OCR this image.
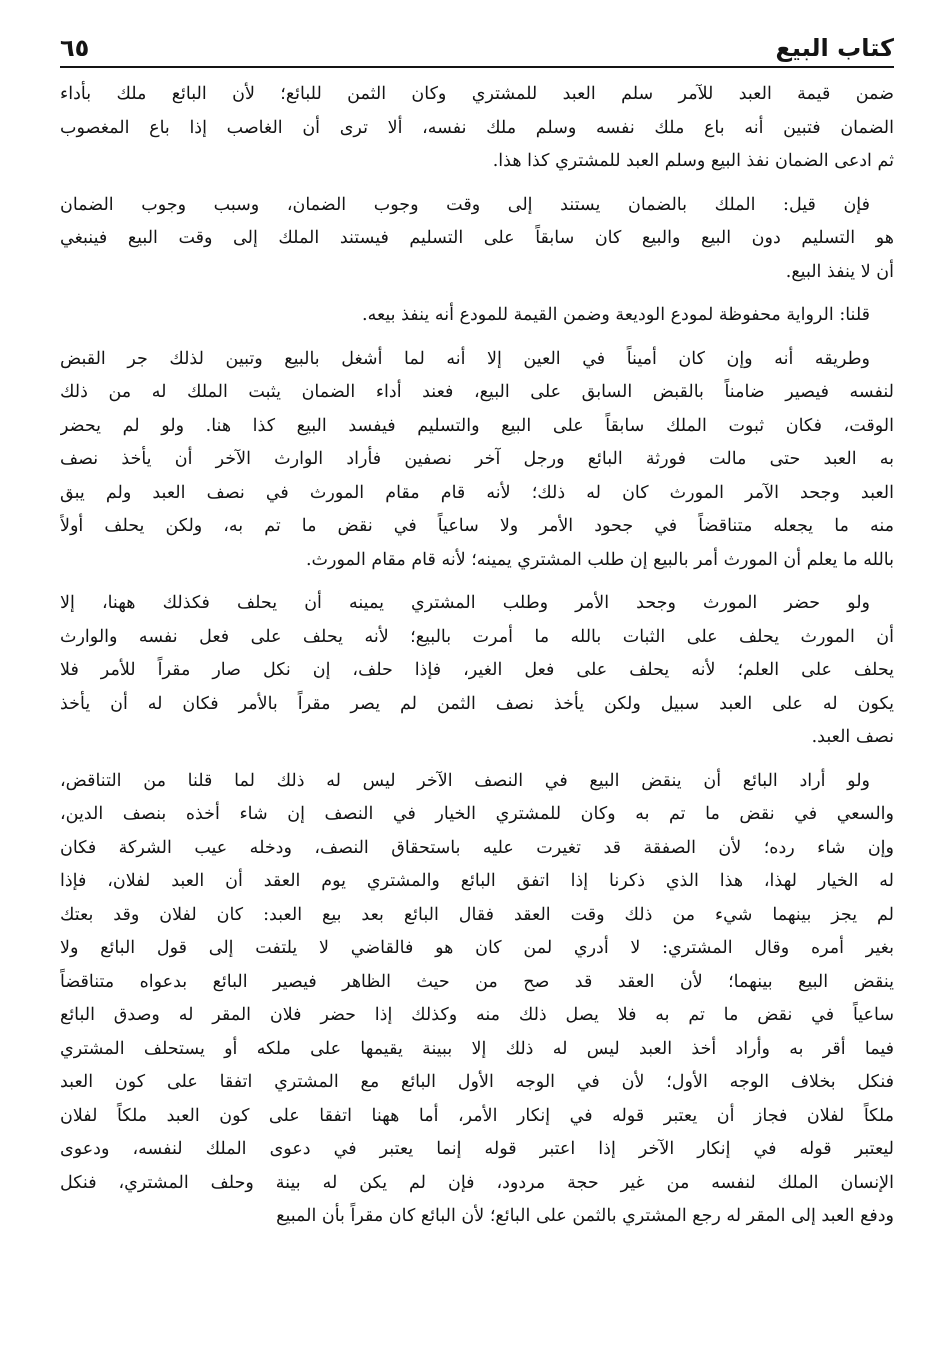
كتاب البيع
٦٥
ضمن قيمة العبد للآمر سلم العبد للمشتري وكان الثمن للبائع؛ لأن البائع ملك بأداء
الضمان فتبين أنه باع ملك نفسه وسلم ملك نفسه، ألا ترى أن الغاصب إذا باع المغصوب
ثم ادعى الضمان نفذ البيع وسلم العبد للمشتري كذا هذا.
فإن قيل: الملك بالضمان يستند إلى وقت وجوب الضمان، وسبب وجوب الضمان
هو التسليم دون البيع والبيع كان سابقاً على التسليم فيستند الملك إلى وقت البيع فينبغي
أن لا ينفذ البيع.
قلنا: الرواية محفوظة لمودع الوديعة وضمن القيمة للمودع أنه ينفذ بيعه.
وطريقه أنه وإن كان أميناً في العين إلا أنه لما أشغل بالبيع وتبين لذلك جر القبض
لنفسه فيصير ضامناً بالقبض السابق على البيع، فعند أداء الضمان يثبت الملك له من ذلك
الوقت، فكان ثبوت الملك سابقاً على البيع والتسليم فيفسد البيع كذا هنا. ولو لم يحضر
به العبد حتى مالت فورثة البائع ورجل آخر نصفين فأراد الوارث الآخر أن يأخذ نصف
العبد وجحد الآمر المورث كان له ذلك؛ لأنه قام مقام المورث في نصف العبد ولم يبق
منه ما يجعله متناقضاً في جحود الأمر ولا ساعياً في نقض ما تم به، ولكن يحلف أولاً
بالله ما يعلم أن المورث أمر بالبيع إن طلب المشتري يمينه؛ لأنه قام مقام المورث.
ولو حضر المورث وجحد الأمر وطلب المشتري يمينه أن يحلف فكذلك ههنا، إلا
أن المورث يحلف على الثبات بالله ما أمرت بالبيع؛ لأنه يحلف على فعل نفسه والوارث
يحلف على العلم؛ لأنه يحلف على فعل الغير، فإذا حلف، إن نكل صار مقراً للأمر فلا
يكون له على العبد سبيل ولكن يأخذ نصف الثمن لم يصر مقراً بالأمر فكان له أن يأخذ
نصف العبد.
ولو أراد البائع أن ينقض البيع في النصف الآخر ليس له ذلك لما قلنا من التناقض،
والسعي في نقض ما تم به وكان للمشتري الخيار في النصف إن شاء أخذه بنصف الدين،
وإن شاء رده؛ لأن الصفقة قد تغيرت عليه باستحقاق النصف، ودخله عيب الشركة فكان
له الخيار لهذا، هذا الذي ذكرنا إذا اتفق البائع والمشتري يوم العقد أن العبد لفلان، فإذا
لم يجز بينهما شيء من ذلك وقت العقد فقال البائع بعد بيع العبد: كان لفلان وقد بعتك
بغير أمره وقال المشتري: لا أدري لمن كان هو فالقاضي لا يلتفت إلى قول البائع ولا
ينقض البيع بينهما؛ لأن العقد قد صح من حيث الظاهر فيصير البائع بدعواه متناقضاً
ساعياً في نقض ما تم به فلا يصل ذلك منه وكذلك إذا حضر فلان المقر له وصدق البائع
فيما أقر به وأراد أخذ العبد ليس له ذلك إلا ببينة يقيمها على ملكه أو يستحلف المشتري
فنكل بخلاف الوجه الأول؛ لأن في الوجه الأول البائع مع المشتري اتفقا على كون العبد
ملكاً لفلان فجاز أن يعتبر قوله في إنكار الأمر، أما ههنا اتفقا على كون العبد ملكاً لفلان
ليعتبر قوله في إنكار الآخر إذا اعتبر قوله إنما يعتبر في دعوى الملك لنفسه، ودعوى
الإنسان الملك لنفسه من غير حجة مردود، فإن لم يكن له بينة وحلف المشتري، فنكل
ودفع العبد إلى المقر له رجع المشتري بالثمن على البائع؛ لأن البائع كان مقراً بأن المبيع
